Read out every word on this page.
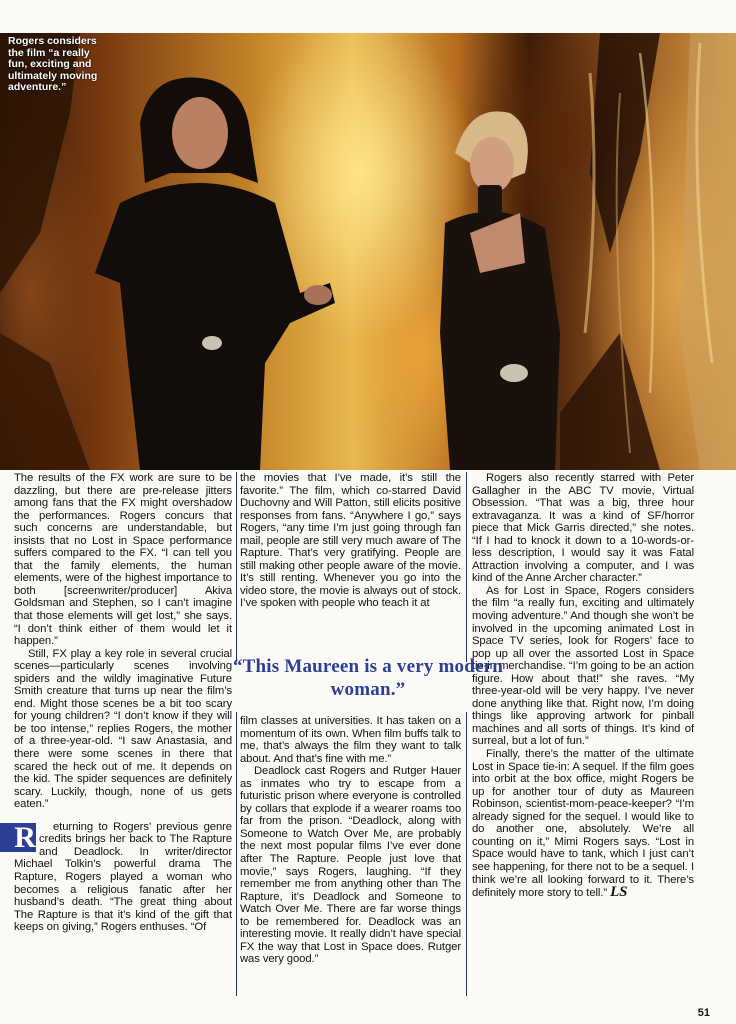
Rogers considers the film “a really fun, exciting and ultimately moving adventure.”

The results of the FX work are sure to be dazzling, but there are pre-release jitters among fans that the FX might overshadow the performances. Rogers concurs that such concerns are understandable, but insists that no Lost in Space performance suffers compared to the FX. “I can tell you that the family elements, the human elements, were of the highest importance to both [screenwriter/producer] Akiva Goldsman and Stephen, so I can’t imagine that those elements will get lost,” she says. “I don’t think either of them would let it happen.”

Still, FX play a key role in several crucial scenes—particularly scenes involving spiders and the wildly imaginative Future Smith creature that turns up near the film’s end. Might those scenes be a bit too scary for young children? “I don’t know if they will be too intense,” replies Rogers, the mother of a three-year-old. “I saw Anastasia, and there were some scenes in there that scared the heck out of me. It depends on the kid. The spider sequences are definitely scary. Luckily, though, none of us gets eaten.”

R eturning to Rogers’ previous genre credits brings her back to The Rapture and Deadlock. In writer/director Michael Tolkin’s powerful drama The Rapture, Rogers played a woman who becomes a religious fanatic after her husband’s death. “The great thing about The Rapture is that it’s kind of the gift that keeps on giving,” Rogers enthuses. “Of

the movies that I’ve made, it’s still the favorite.” The film, which co-starred David Duchovny and Will Patton, still elicits positive responses from fans. “Anywhere I go,” says Rogers, “any time I’m just going through fan mail, people are still very much aware of The Rapture. That’s very gratifying. People are still making other people aware of the movie. It’s still renting. Whenever you go into the video store, the movie is always out of stock. I’ve spoken with people who teach it at

film classes at universities. It has taken on a momentum of its own. When film buffs talk to me, that’s always the film they want to talk about. And that’s fine with me.”

Deadlock cast Rogers and Rutger Hauer as inmates who try to escape from a futuristic prison where everyone is controlled by collars that explode if a wearer roams too far from the prison. “Deadlock, along with Someone to Watch Over Me, are probably the next most popular films I’ve ever done after The Rapture. People just love that movie,” says Rogers, laughing. “If they remember me from anything other than The Rapture, it’s Deadlock and Someone to Watch Over Me. There are far worse things to be remembered for. Deadlock was an interesting movie. It really didn’t have special FX the way that Lost in Space does. Rutger was very good.”

Rogers also recently starred with Peter Gallagher in the ABC TV movie, Virtual Obsession. “That was a big, three hour extravaganza. It was a kind of SF/horror piece that Mick Garris directed,” she notes. “If I had to knock it down to a 10-words-or-less description, I would say it was Fatal Attraction involving a computer, and I was kind of the Anne Archer character.”

As for Lost in Space, Rogers considers the film “a really fun, exciting and ultimately moving adventure.” And though she won’t be involved in the upcoming animated Lost in Space TV series, look for Rogers’ face to pop up all over the assorted Lost in Space tie-in merchandise. “I’m going to be an action figure. How about that!” she raves. “My three-year-old will be very happy. I’ve never done anything like that. Right now, I’m doing things like approving artwork for pinball machines and all sorts of things. It’s kind of surreal, but a lot of fun.”

Finally, there’s the matter of the ultimate Lost in Space tie-in: A sequel. If the film goes into orbit at the box office, might Rogers be up for another tour of duty as Maureen Robinson, scientist-mom-peace-keeper? “I’m already signed for the sequel. I would like to do another one, absolutely. We’re all counting on it,” Mimi Rogers says. “Lost in Space would have to tank, which I just can’t see happening, for there not to be a sequel. I think we’re all looking forward to it. There’s definitely more story to tell.” LS

“This Maureen is a very modern woman.”
51
